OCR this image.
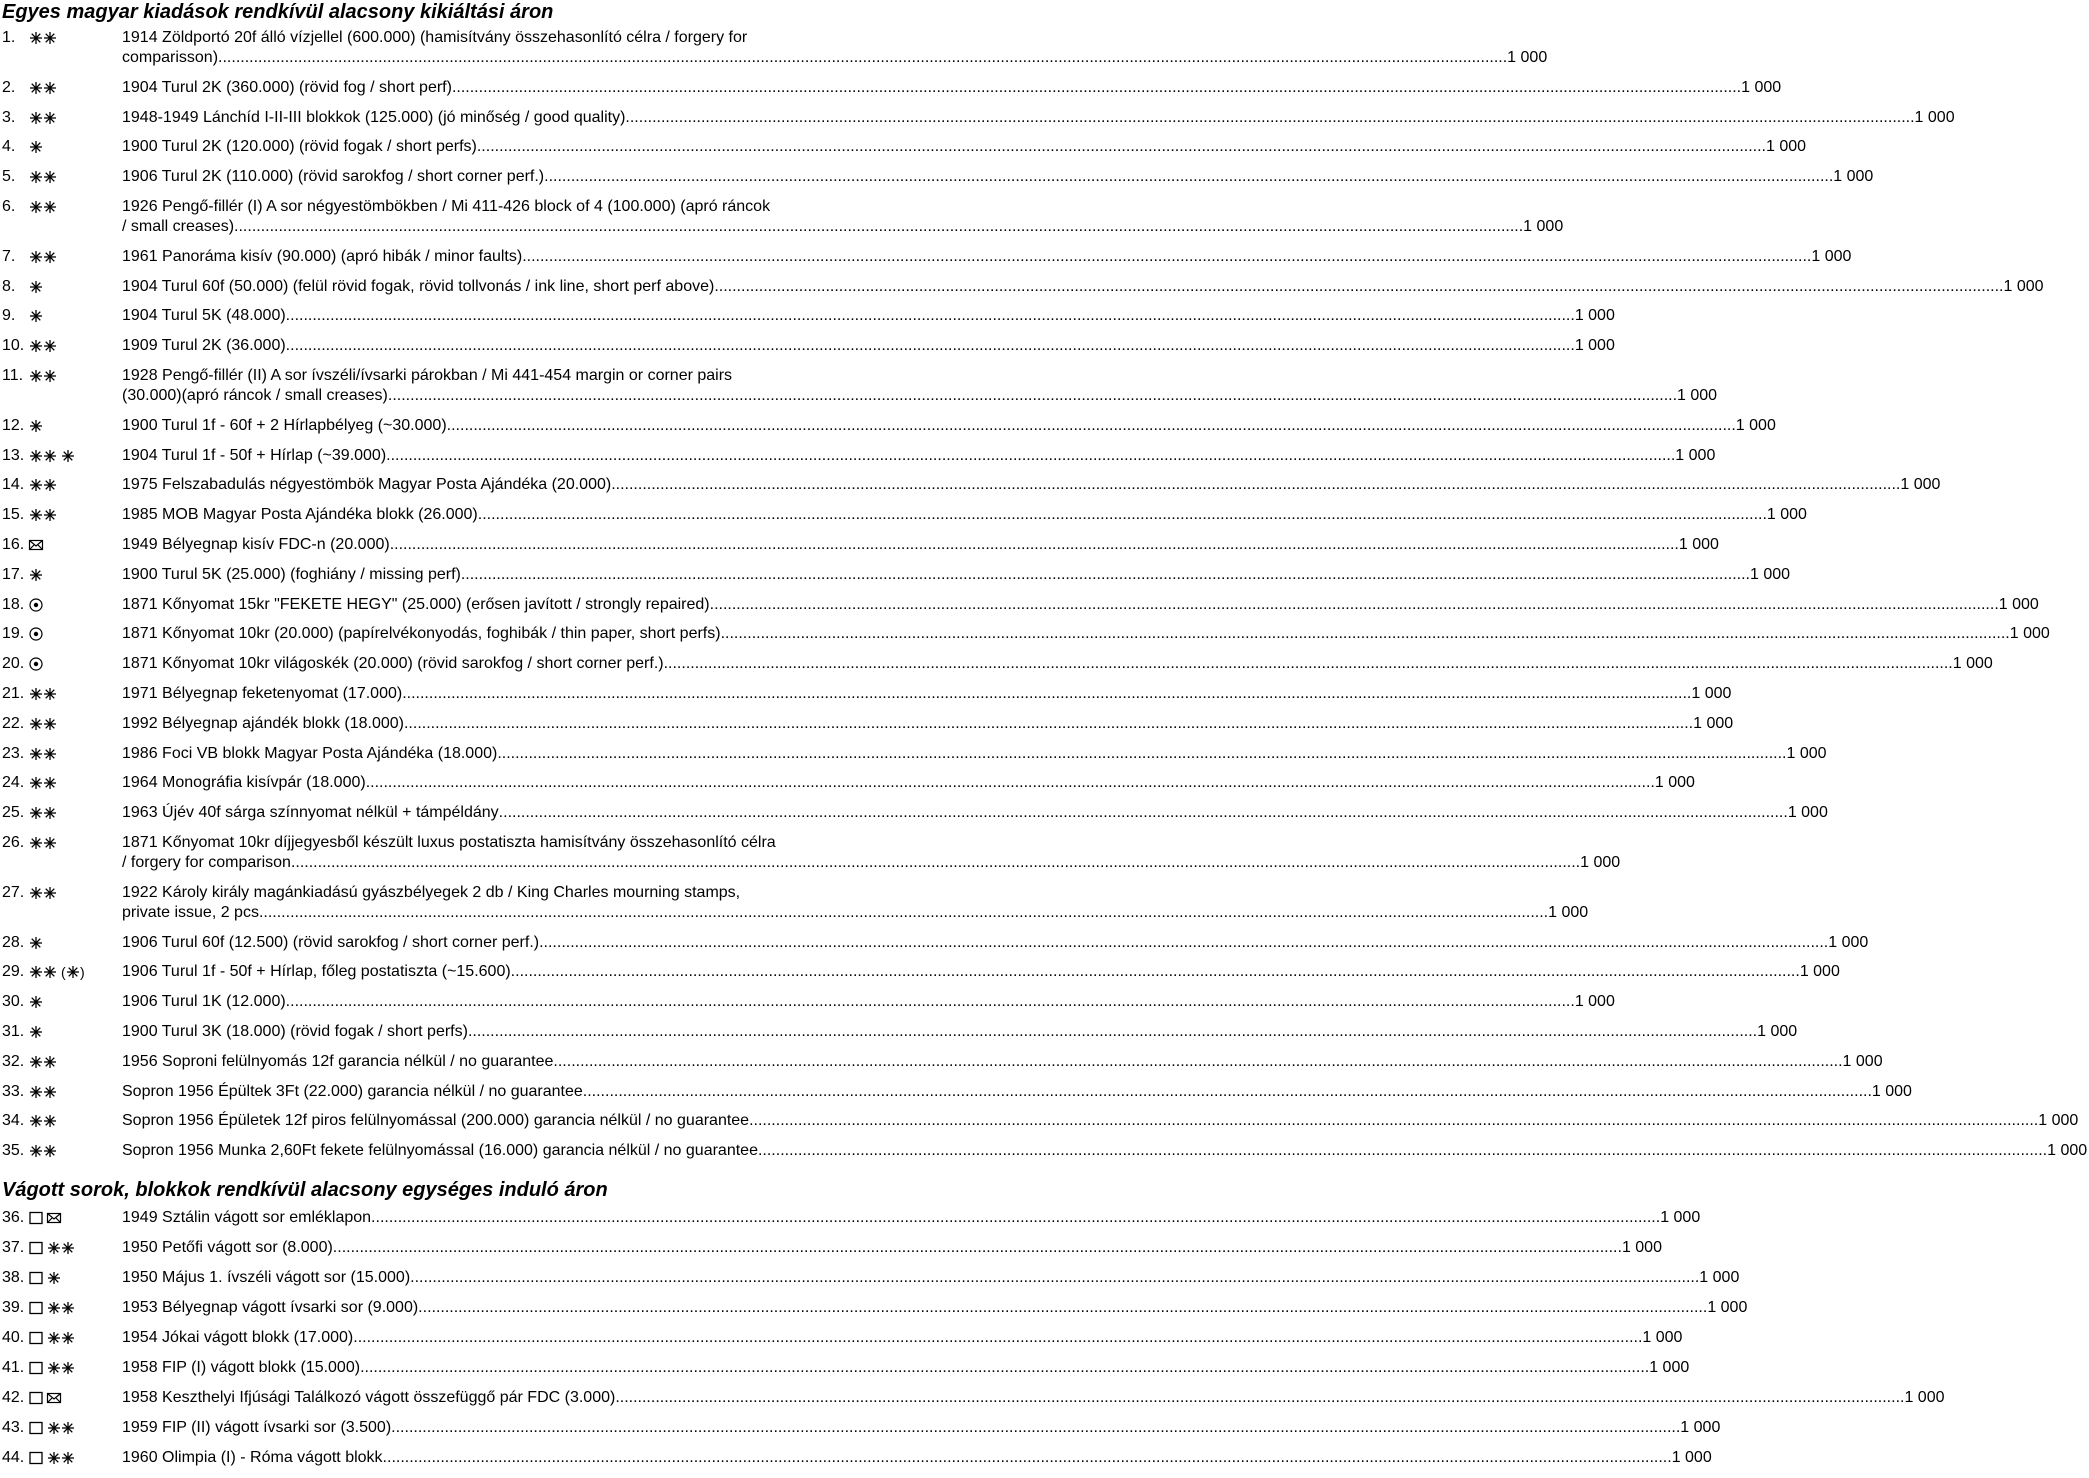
Egyes magyar kiadások rendkívül alacsony kikiáltási áron
1.	1914 Zöldportó 20f álló vízjellel (600.000) (hamisítvány összehasonlító célra / forgery for
comparisson) .....	1 000
2.	1904 Turul 2K (360.000) (rövid fog / short perf) .....	1 000
3.	1948-1949 Lánchíd I-II-III blokkok (125.000) (jó minőség / good quality) .....	1 000
4.	1900 Turul 2K (120.000) (rövid fogak / short perfs) .....	1 000
5.	1906 Turul 2K (110.000) (rövid sarokfog / short corner perf.) .....	1 000
6.	1926 Pengő-fillér (I) A sor négyestömbökben / Mi 411-426 block of 4 (100.000) (apró ráncok
/ small creases) .....	1 000
7.	1961 Panoráma kisív (90.000) (apró hibák / minor faults) .....	1 000
8.	1904 Turul 60f (50.000) (felül rövid fogak, rövid tollvonás / ink line, short perf above) .....	1 000
9.	1904 Turul 5K (48.000) .....	1 000
10.	1909 Turul 2K (36.000) .....	1 000
11.	1928 Pengő-fillér (II) A sor ívszéli/ívsarki párokban / Mi 441-454 margin or corner pairs
(30.000)(apró ráncok / small creases) .....	1 000
12.	1900 Turul 1f - 60f + 2 Hírlapbélyeg (~30.000) .....	1 000
13.	1904 Turul 1f - 50f + Hírlap (~39.000) .....	1 000
14.	1975 Felszabadulás négyestömbök Magyar Posta Ajándéka (20.000) .....	1 000
15.	1985 MOB Magyar Posta Ajándéka blokk (26.000) .....	1 000
16.	1949 Bélyegnap kisív FDC-n (20.000) .....	1 000
17.	1900 Turul 5K (25.000) (foghiány / missing perf) .....	1 000
18.	1871 Kőnyomat 15kr "FEKETE HEGY" (25.000) (erősen javított / strongly repaired) .....	1 000
19.	1871 Kőnyomat 10kr (20.000) (papírelvékonyodás, foghibák / thin paper, short perfs) .....	1 000
20.	1871 Kőnyomat 10kr világoskék (20.000) (rövid sarokfog / short corner perf.) .....	1 000
21.	1971 Bélyegnap feketenyomat (17.000) .....	1 000
22.	1992 Bélyegnap ajándék blokk (18.000) .....	1 000
23.	1986 Foci VB blokk Magyar Posta Ajándéka (18.000) .....	1 000
24.	1964 Monográfia kisívpár (18.000) .....	1 000
25.	1963 Újév 40f sárga színnyomat nélkül + támpéldány .....	1 000
26.	1871 Kőnyomat 10kr díjjegyesből készült luxus postatiszta hamisítvány összehasonlító célra
/ forgery for comparison .....	1 000
27.	1922 Károly király magánkiadású gyászbélyegek 2 db / King Charles mourning stamps,
private issue, 2 pcs .....	1 000
28.	1906 Turul 60f (12.500) (rövid sarokfog / short corner perf.) .....	1 000
29.	( ) 1906 Turul 1f - 50f + Hírlap, főleg postatiszta (~15.600) .....	1 000
30.	1906 Turul 1K (12.000) .....	1 000
31.	1900 Turul 3K (18.000) (rövid fogak / short perfs) .....	1 000
32.	1956 Soproni felülnyomás 12f garancia nélkül / no guarantee .....	1 000
33.	Sopron 1956 Épültek 3Ft (22.000) garancia nélkül / no guarantee .....	1 000
34.	Sopron 1956 Épületek 12f piros felülnyomással (200.000) garancia nélkül / no guarantee .....	1 000
35.	Sopron 1956 Munka 2,60Ft fekete felülnyomással (16.000) garancia nélkül / no guarantee .....	1 000
Vágott sorok, blokkok rendkívül alacsony egységes induló áron
36.	1949 Sztálin vágott sor emléklapon .....	1 000
37.	1950 Petőfi vágott sor (8.000) .....	1 000
38.	1950 Május 1. ívszéli vágott sor (15.000) .....	1 000
39.	1953 Bélyegnap vágott ívsarki sor (9.000) .....	1 000
40.	1954 Jókai vágott blokk (17.000) .....	1 000
41.	1958 FIP (I) vágott blokk (15.000) .....	1 000
42.	1958 Keszthelyi Ifjúsági Találkozó vágott összefüggő pár FDC (3.000) .....	1 000
43.	1959 FIP (II) vágott ívsarki sor (3.500) .....	1 000
44.	1960 Olimpia (I) - Róma vágott blokk .....	1 000
